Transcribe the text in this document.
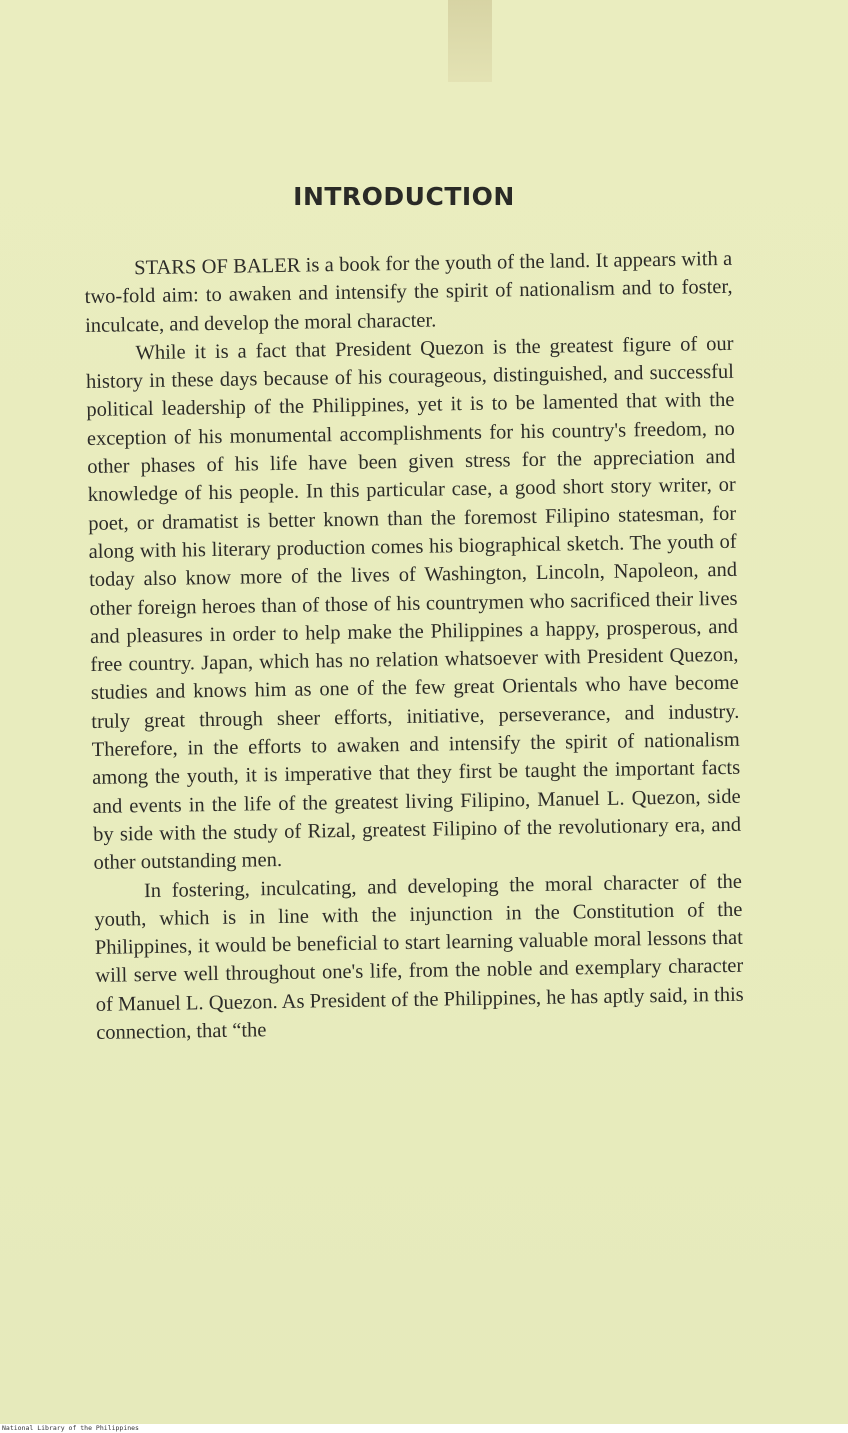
INTRODUCTION

STARS OF BALER is a book for the youth of the land. It appears with a two-fold aim: to awaken and intensify the spirit of nationalism and to foster, inculcate, and develop the moral character.

While it is a fact that President Quezon is the greatest figure of our history in these days because of his courageous, distinguished, and successful political leadership of the Philippines, yet it is to be lamented that with the exception of his monumental accomplishments for his country's freedom, no other phases of his life have been given stress for the appreciation and knowledge of his people. In this particular case, a good short story writer, or poet, or dramatist is better known than the foremost Filipino statesman, for along with his literary production comes his biographical sketch. The youth of today also know more of the lives of Washington, Lincoln, Napoleon, and other foreign heroes than of those of his countrymen who sacrificed their lives and pleasures in order to help make the Philippines a happy, prosperous, and free country. Japan, which has no relation whatsoever with President Quezon, studies and knows him as one of the few great Orientals who have become truly great through sheer efforts, initiative, perseverance, and industry. Therefore, in the efforts to awaken and intensify the spirit of nationalism among the youth, it is imperative that they first be taught the important facts and events in the life of the greatest living Filipino, Manuel L. Quezon, side by side with the study of Rizal, greatest Filipino of the revolutionary era, and other outstanding men.

In fostering, inculcating, and developing the moral character of the youth, which is in line with the injunction in the Constitution of the Philippines, it would be beneficial to start learning valuable moral lessons that will serve well throughout one's life, from the noble and exemplary character of Manuel L. Quezon. As President of the Philippines, he has aptly said, in this connection, that “the

National Library of the Philippines
